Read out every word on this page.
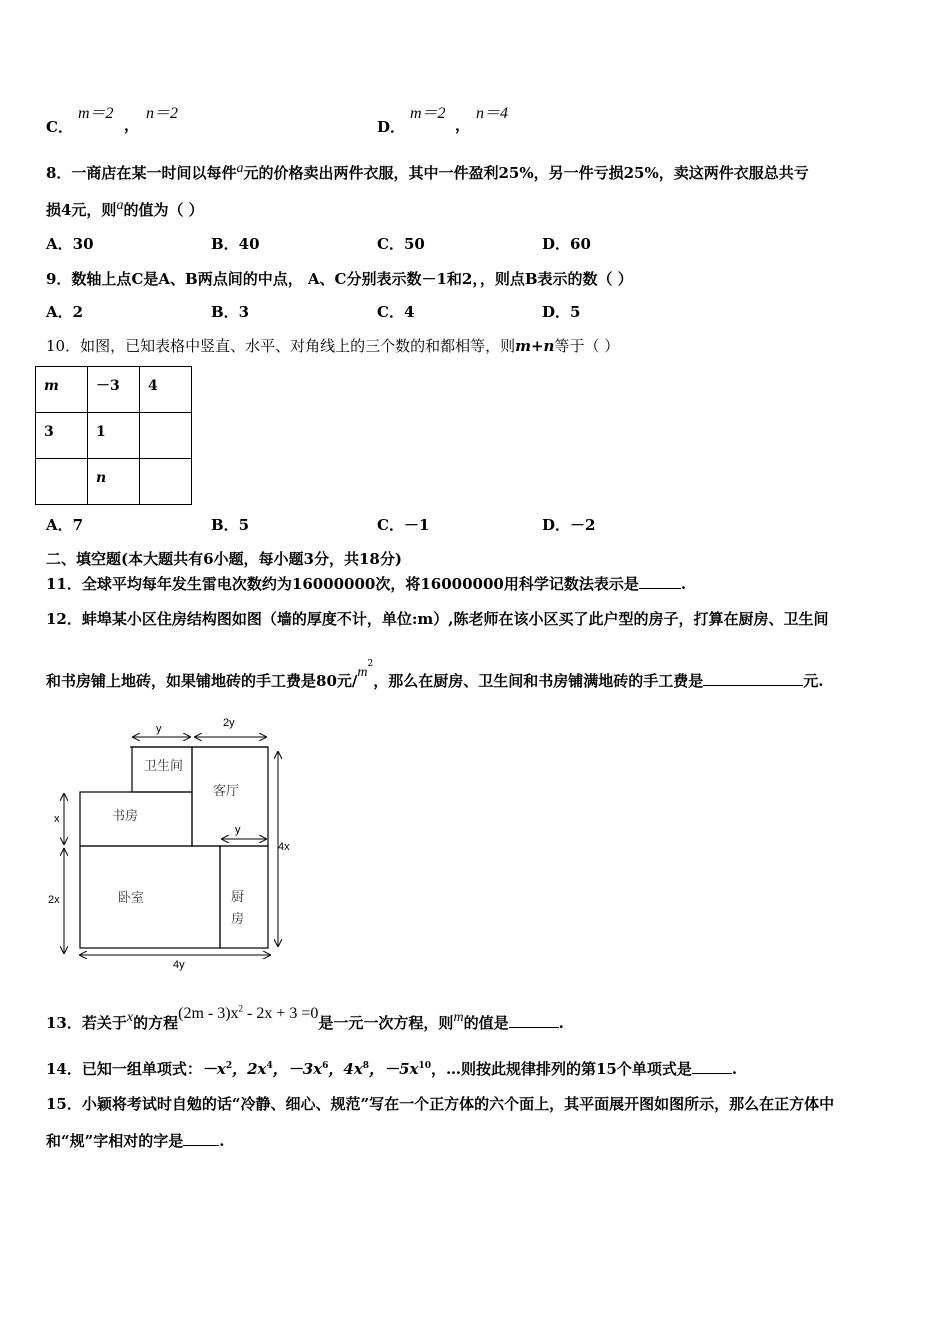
C．
m＝2
，
n＝2
D．
m＝2
，
n＝4
8．一商店在某一时间以每件a元的价格卖出两件衣服，其中一件盈利25%，另一件亏损25%，卖这两件衣服总共亏
损4元，则a的值为（ ）
A．30	B．40	C．50	D．60
9．数轴上点C是A、B两点间的中点， A、C分别表示数－1和2，，则点B表示的数（ ）
A．2	B．3	C．4	D．5
10．如图，已知表格中竖直、水平、对角线上的三个数的和都相等，则m+n等于（ ）
m	－3	4
3	1	
	n	
A．7	B．5	C．－1	D．－2
二、填空题(本大题共有6小题，每小题3分，共18分)
11．全球平均每年发生雷电次数约为16000000次，将16000000用科学记数法表示是	.
12．蚌埠某小区住房结构图如图（墙的厚度不计，单位:m）,陈老师在该小区买了此户型的房子，打算在厨房、卫生间
和书房铺上地砖，如果铺地砖的手工费是80元$/m^2$，那么在厨房、卫生间和书房铺满地砖的手工费是	元.
卫生间
客厅
书房
卧室	厨
房
y	2y
x
y
4x
2x
4y
13．若关于x的方程$(2m - 3)x^2 - 2x + 3 =0$是一元一次方程，则m的值是	.
14．已知一组单项式：$-x^2$，$2x^4$，$-3x^6$，$4x^8$，$-5x^{10}$，…则按此规律排列的第15个单项式是	.
15．小颖将考试时自勉的话“冷静、细心、规范”写在一个正方体的六个面上，其平面展开图如图所示，那么在正方体中
和“规”字相对的字是 .
